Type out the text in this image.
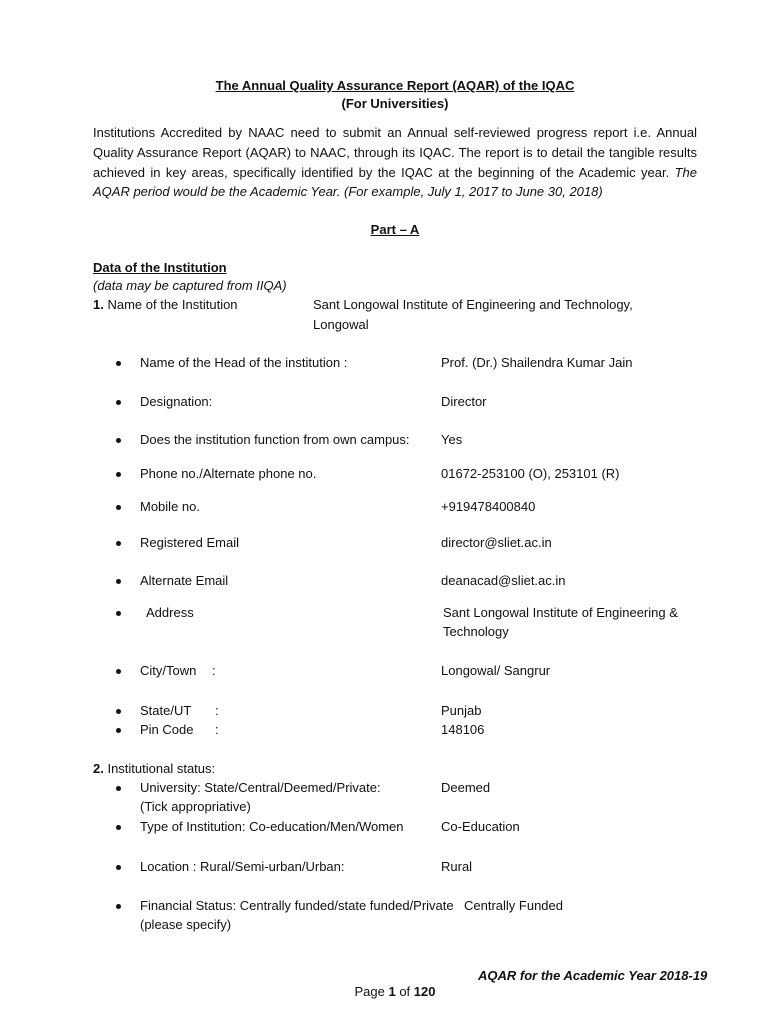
The Annual Quality Assurance Report (AQAR) of the IQAC
(For Universities)
Institutions Accredited by NAAC need to submit an Annual self-reviewed progress report i.e. Annual Quality Assurance Report (AQAR) to NAAC, through its IQAC. The report is to detail the tangible results achieved in key areas, specifically identified by the IQAC at the beginning of the Academic year. The AQAR period would be the Academic Year. (For example, July 1, 2017 to June 30, 2018)
Part – A
Data of the Institution
(data may be captured from IIQA)
1. Name of the Institution	Sant Longowal Institute of Engineering and Technology,
Longowal
Name of the Head of the institution :	Prof. (Dr.) Shailendra Kumar Jain
Designation:	Director
Does the institution function from own campus: Yes
Phone no./Alternate phone no.	01672-253100 (O), 253101 (R)
Mobile no.	+919478400840
Registered Email	director@sliet.ac.in
Alternate Email	deanacad@sliet.ac.in
Address	Sant Longowal Institute of Engineering &
Technology
City/Town :	Longowal/ Sangrur
State/UT :	Punjab
Pin Code :	148106
2. Institutional status:
University: State/Central/Deemed/Private:	Deemed
(Tick appropriative)
Type of Institution: Co-education/Men/Women	Co-Education
Location : Rural/Semi-urban/Urban:	Rural
Financial Status: Centrally funded/state funded/Private Centrally Funded
(please specify)
AQAR for the Academic Year 2018-19
Page 1 of 120
